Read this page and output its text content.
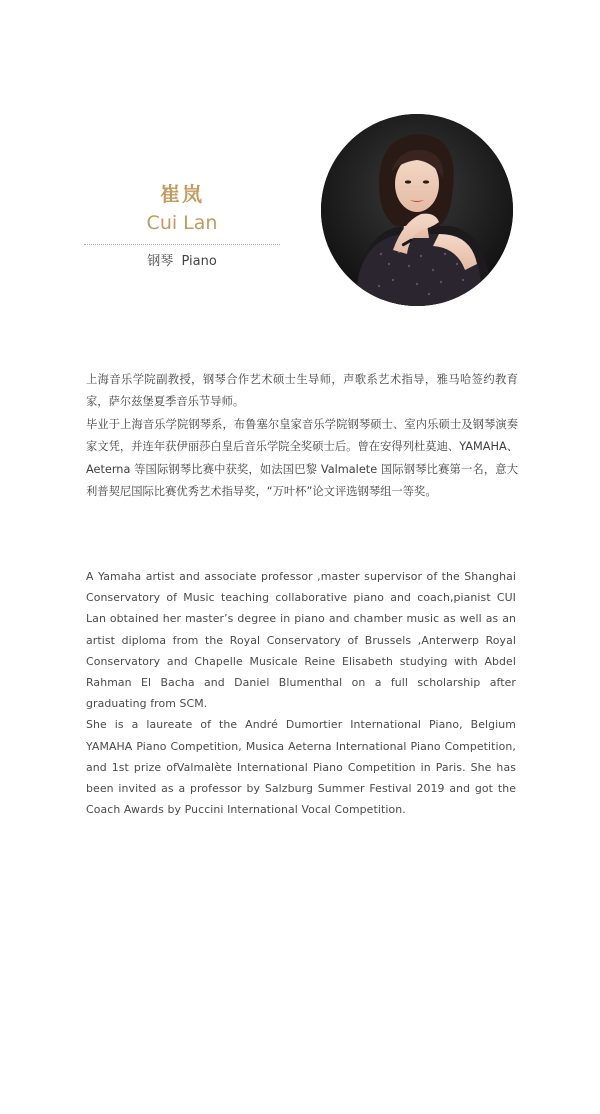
崔岚
Cui Lan
钢琴  Piano

上海音乐学院副教授，钢琴合作艺术硕士生导师，声歌系艺术指导，雅马哈签约教育家，萨尔兹堡夏季音乐节导师。

毕业于上海音乐学院钢琴系，布鲁塞尔皇家音乐学院钢琴硕士、室内乐硕士及钢琴演奏家文凭，并连年获伊丽莎白皇后音乐学院全奖硕士后。曾在安得列杜莫迪、YAMAHA、Aeterna 等国际钢琴比赛中获奖，如法国巴黎 Valmalete 国际钢琴比赛第一名，意大利普契尼国际比赛优秀艺术指导奖，“万叶杯”论文评选钢琴组一等奖。

A Yamaha artist and associate professor ,master supervisor of the Shanghai Conservatory of Music teaching collaborative piano and coach,pianist CUI Lan obtained her master’s degree in piano and chamber music as well as an artist diploma from the Royal Conservatory of Brussels ,Anterwerp Royal Conservatory and Chapelle Musicale Reine Elisabeth studying with Abdel Rahman El Bacha and Daniel Blumenthal on a full scholarship after graduating from SCM.

She is a laureate of the André Dumortier International Piano, Belgium YAMAHA Piano Competition, Musica Aeterna International Piano Competition, and 1st prize ofValmalète International Piano Competition in Paris. She has been invited as a professor by Salzburg Summer Festival 2019 and got the Coach Awards by Puccini International Vocal Competition.
